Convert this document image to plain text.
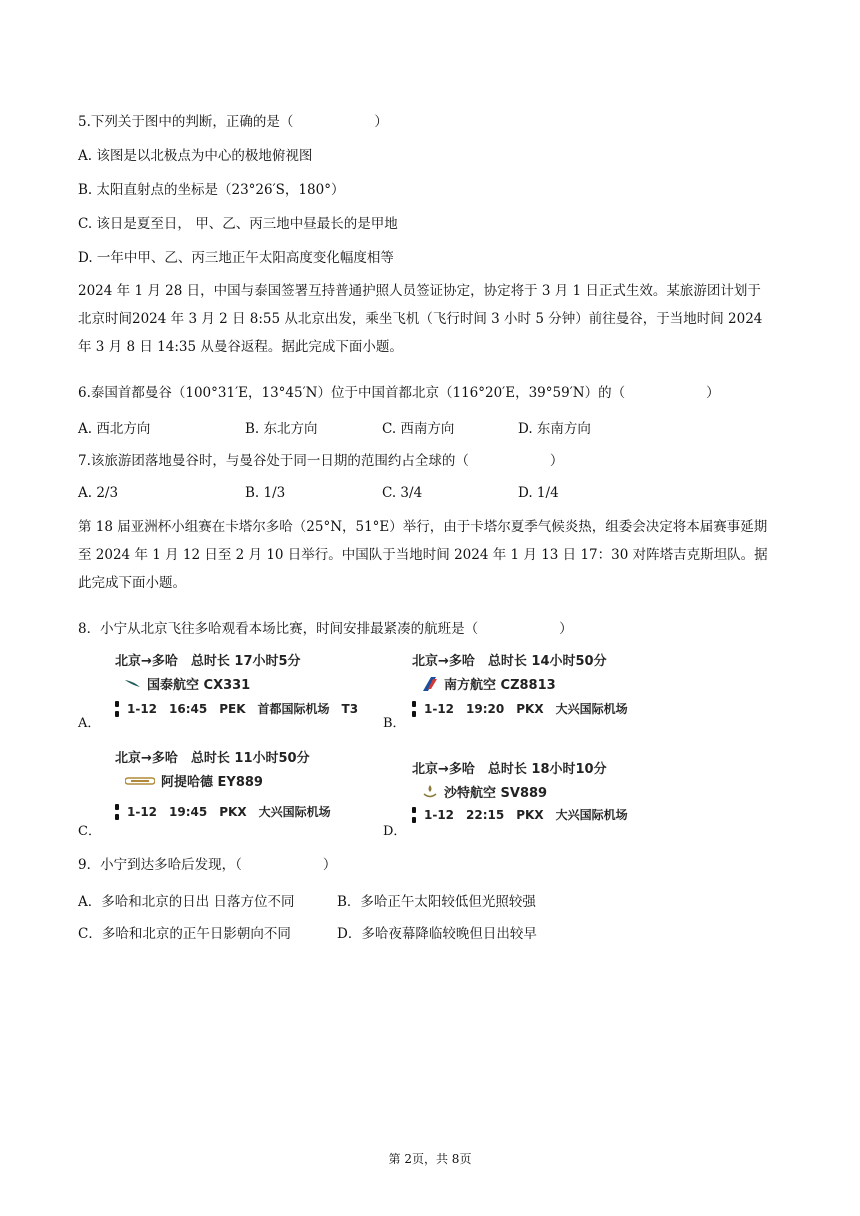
5.下列关于图中的判断，正确的是（　　　　　　）
A. 该图是以北极点为中心的极地俯视图
B. 太阳直射点的坐标是（23°26′S，180°）
C. 该日是夏至日， 甲、乙、丙三地中昼最长的是甲地
D. 一年中甲、乙、丙三地正午太阳高度变化幅度相等
2024 年 1 月 28 日，中国与泰国签署互持普通护照人员签证协定，协定将于 3 月 1 日正式生效。某旅游团计划于北京时间2024 年 3 月 2 日 8:55 从北京出发，乘坐飞机（飞行时间 3 小时 5 分钟）前往曼谷，于当地时间 2024 年 3 月 8 日 14:35 从曼谷返程。据此完成下面小题。
6.泰国首都曼谷（100°31′E，13°45′N）位于中国首都北京（116°20′E，39°59′N）的（　　　　　　）
A. 西北方向	B. 东北方向	C. 西南方向	D. 东南方向
7.该旅游团落地曼谷时，与曼谷处于同一日期的范围约占全球的（　　　　　　）
A. 2/3	B. 1/3	C. 3/4	D. 1/4
第 18 届亚洲杯小组赛在卡塔尔多哈（25°N，51°E）举行，由于卡塔尔夏季气候炎热，组委会决定将本届赛事延期至 2024 年 1 月 12 日至 2 月 10 日举行。中国队于当地时间 2024 年 1 月 13 日 17：30 对阵塔吉克斯坦队。据此完成下面小题。
8．小宁从北京飞往多哈观看本场比赛，时间安排最紧凑的航班是（　　　　　　）
A．
北京→多哈　总时长 17小时5分
国泰航空 CX331
1-12　16:45　PEK　首都国际机场　T3
B．
北京→多哈　总时长 14小时50分
南方航空 CZ8813
1-12　19:20　PKX　大兴国际机场
C．
北京→多哈　总时长 11小时50分
阿提哈德 EY889
1-12　19:45　PKX　大兴国际机场
D．
北京→多哈　总时长 18小时10分
沙特航空 SV889
1-12　22:15　PKX　大兴国际机场
9．小宁到达多哈后发现，（　　　　　　）
A．多哈和北京的日出 日落方位不同	B．多哈正午太阳较低但光照较强
C．多哈和北京的正午日影朝向不同	D．多哈夜幕降临较晚但日出较早
第 2页，共 8页
